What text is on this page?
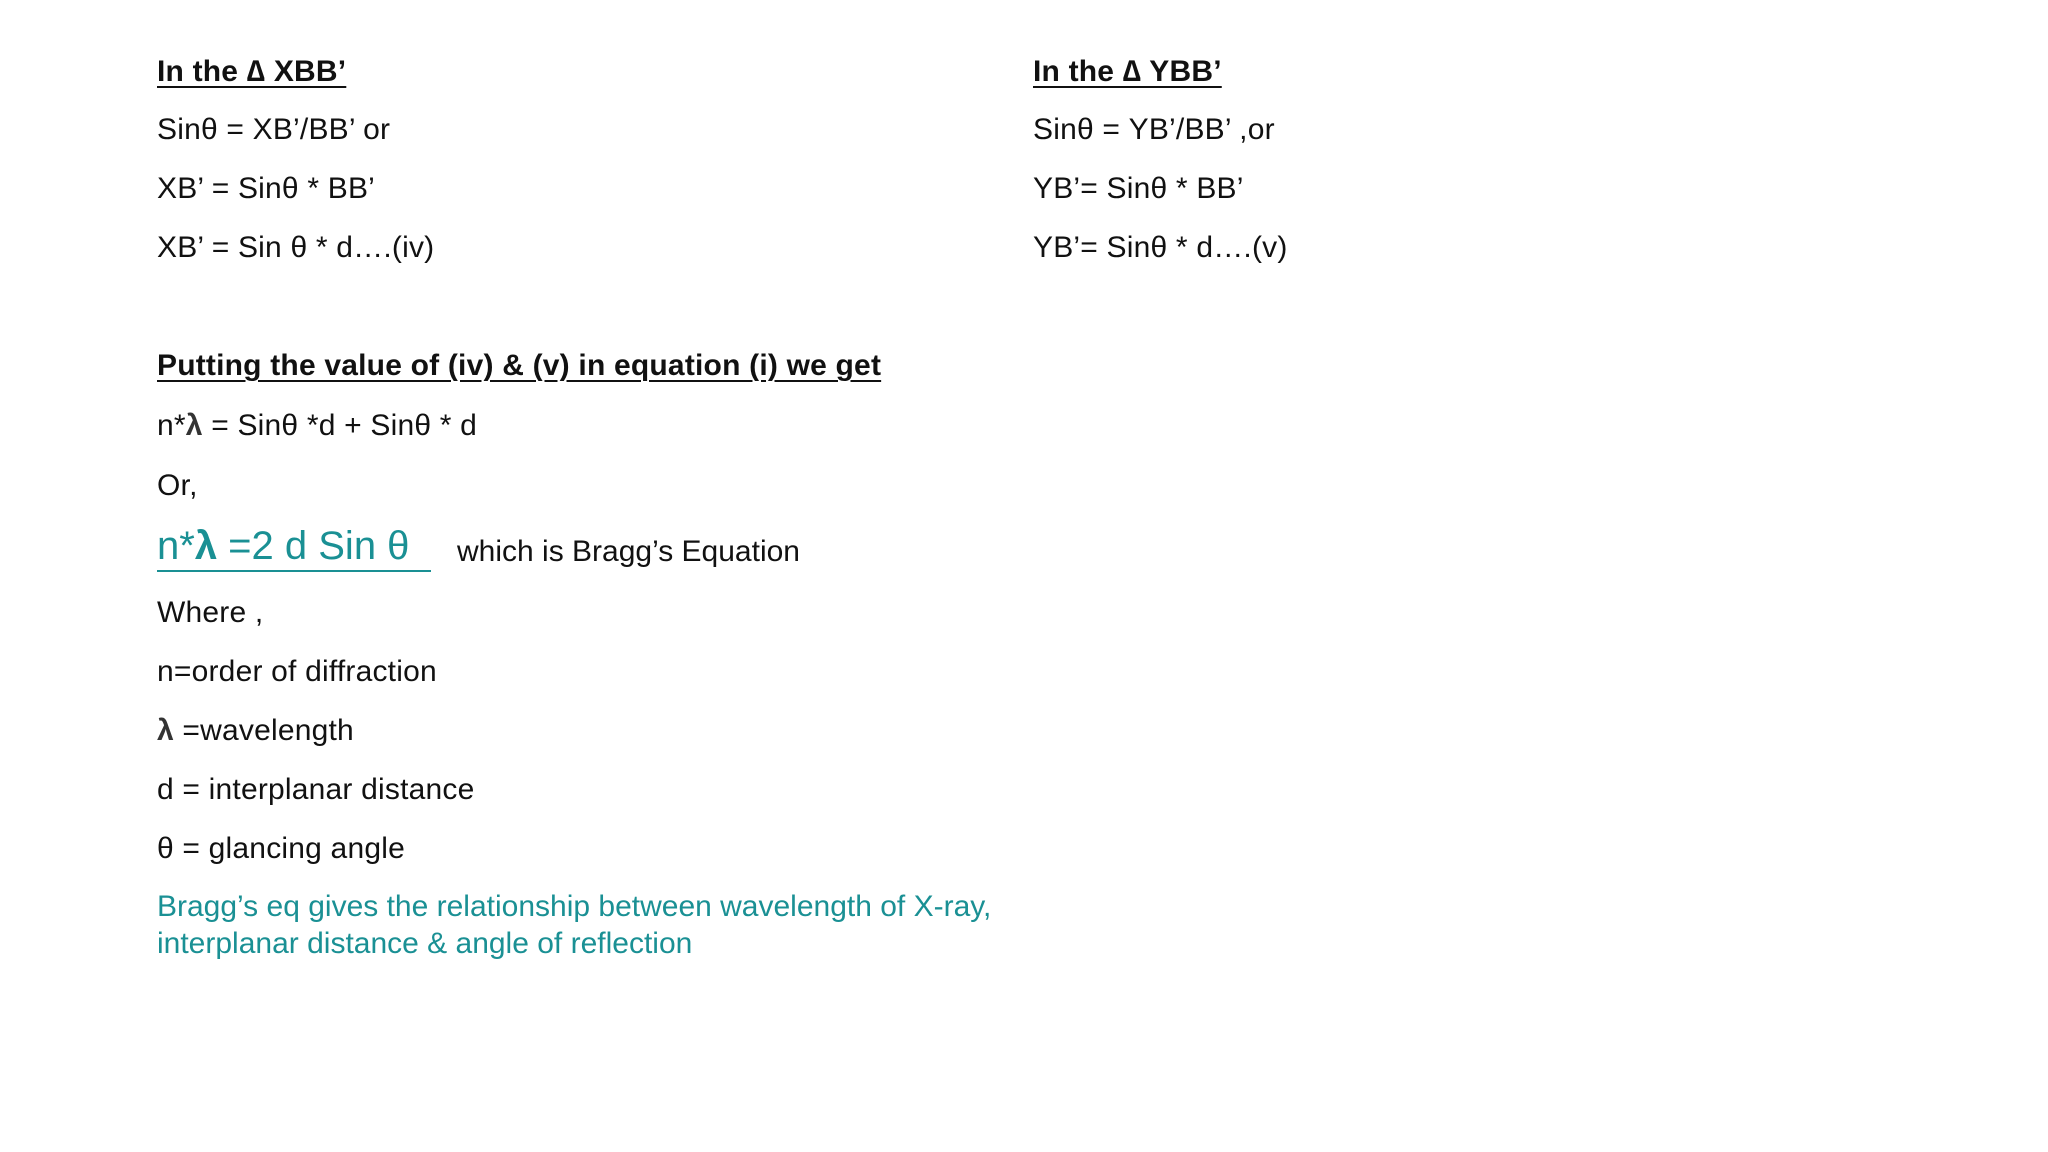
In the ∆ XBB’
Sinθ = XB’/BB’ or
XB’ = Sinθ * BB’
XB’ = Sin θ * d….(iv)
In the ∆ YBB’
Sinθ = YB’/BB’ ,or
YB’= Sinθ * BB’
YB’= Sinθ * d….(v)
Putting the value of (iv) & (v) in equation (i) we get
n*λ = Sinθ *d + Sinθ * d
Or,
n*λ =2 d Sin θ	which is Bragg’s Equation
Where ,
n=order of diffraction
λ =wavelength
d = interplanar distance
θ = glancing angle
Bragg’s eq gives the relationship between wavelength of X-ray,
interplanar distance & angle of reflection
